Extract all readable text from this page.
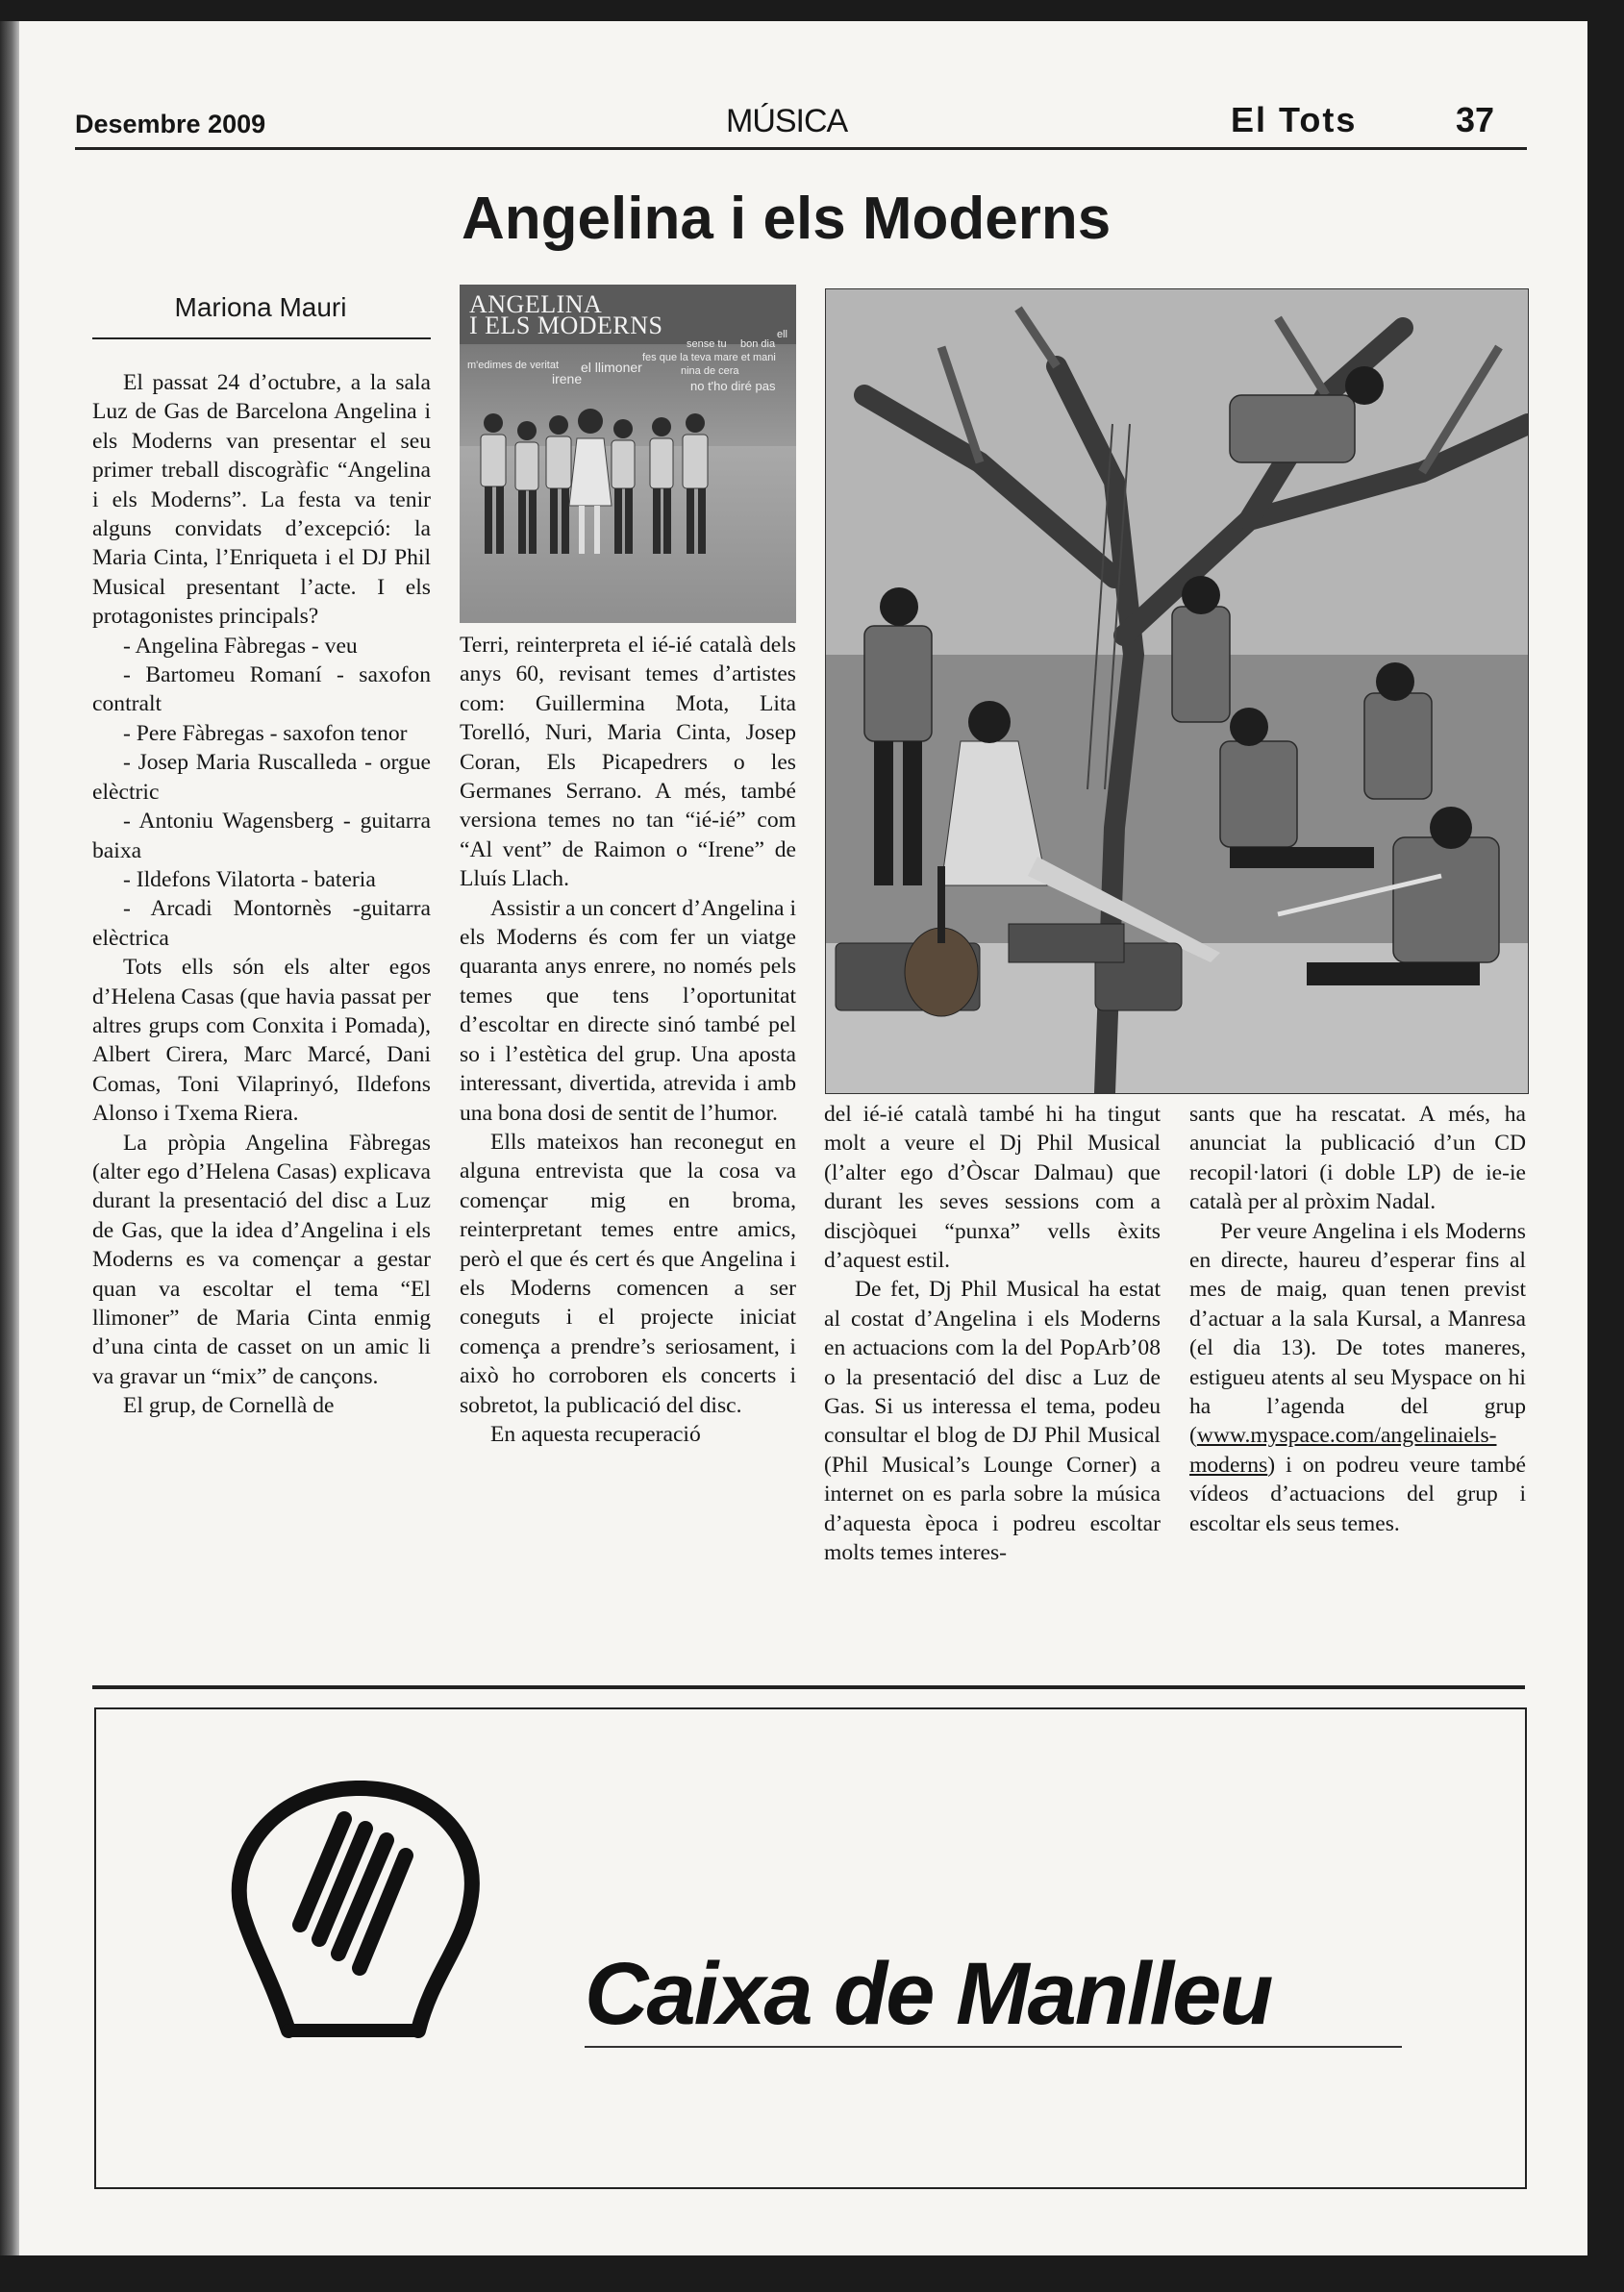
Desembre 2009	MÚSICA	El Tots	37
Angelina i els Moderns
Mariona Mauri

El passat 24 d’octubre, a la sala Luz de Gas de Barcelona Angelina i els Moderns van presentar el seu primer treball discogràfic “Angelina i els Moderns”. La festa va tenir alguns convidats d’excepció: la Maria Cinta, l’Enriqueta i el DJ Phil Musical presentant l’acte. I els protagonistes principals?

- Angelina Fàbregas - veu

- Bartomeu Romaní - saxofon contralt

- Pere Fàbregas - saxofon tenor

- Josep Maria Ruscalleda - orgue elèctric

- Antoniu Wagensberg - guitarra baixa

- Ildefons Vilatorta - bateria

- Arcadi Montornès -guitarra elèctrica

Tots ells són els alter egos d’Helena Casas (que havia passat per altres grups com Conxita i Pomada), Albert Cirera, Marc Marcé, Dani Comas, Toni Vilaprinyó, Ildefons Alonso i Txema Riera.

La pròpia Angelina Fàbregas (alter ego d’Helena Casas) explicava durant la presentació del disc a Luz de Gas, que la idea d’Angelina i els Moderns es va començar a gestar quan va escoltar el tema “El llimoner” de Maria Cinta enmig d’una cinta de casset on un amic li va gravar un “mix” de cançons.

El grup, de Cornellà de

ANGELINA
I ELS MODERNS
sense tu bon dia
ell
fes que la teva mare et mani
m'edimes de veritat el llimoner
irene	nina de cera
no t'ho diré pas

Terri, reinterpreta el ié-ié català dels anys 60, revisant temes d’artistes com: Guillermina Mota, Lita Torelló, Nuri, Maria Cinta, Josep Coran, Els Picapedrers o les Germanes Serrano. A més, també versiona temes no tan “ié-ié” com “Al vent” de Raimon o “Irene” de Lluís Llach.

Assistir a un concert d’Angelina i els Moderns és com fer un viatge quaranta anys enrere, no només pels temes que tens l’oportunitat d’escoltar en directe sinó també pel so i l’estètica del grup. Una aposta interessant, divertida, atrevida i amb una bona dosi de sentit de l’humor.

Ells mateixos han reconegut en alguna entrevista que la cosa va començar mig en broma, reinterpretant temes entre amics, però el que és cert és que Angelina i els Moderns comencen a ser coneguts i el projecte iniciat comença a prendre’s seriosament, i això ho corroboren els concerts i sobretot, la publicació del disc.

En aquesta recuperació

del ié-ié català també hi ha tingut molt a veure el Dj Phil Musical (l’alter ego d’Òscar Dalmau) que durant les seves sessions com a discjòquei “punxa” vells èxits d’aquest estil.

De fet, Dj Phil Musical ha estat al costat d’Angelina i els Moderns en actuacions com la del PopArb’08 o la presentació del disc a Luz de Gas. Si us interessa el tema, podeu consultar el blog de DJ Phil Musical (Phil Musical’s Lounge Corner) a internet on es parla sobre la música d’aquesta època i podreu escoltar molts temes interes-

sants que ha rescatat. A més, ha anunciat la publicació d’un CD recopil·latori (i doble LP) de ie-ie català per al pròxim Nadal.

Per veure Angelina i els Moderns en directe, haureu d’esperar fins al mes de maig, quan tenen previst d’actuar a la sala Kursal, a Manresa (el dia 13). De totes maneres, estigueu atents al seu Myspace on hi ha l’agenda del grup (www.myspace.com/angelinaiels-moderns) i on podreu veure també vídeos d’actuacions del grup i escoltar els seus temes.

Caixa de Manlleu
